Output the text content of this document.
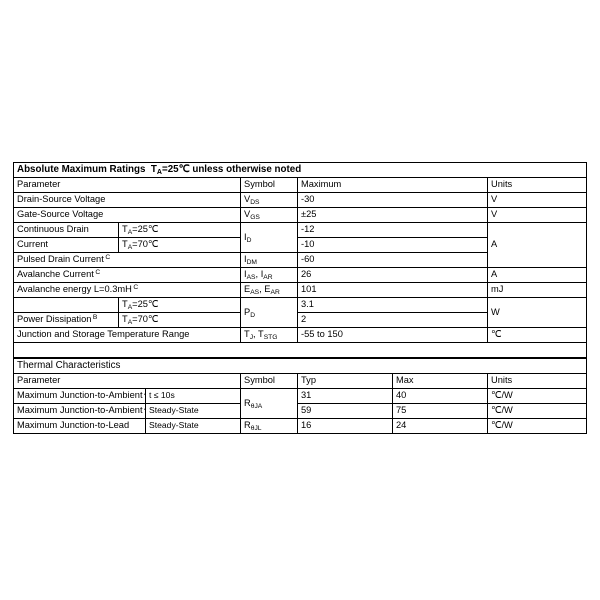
Absolute Maximum Ratings $T_A=25℃$ unless otherwise noted				
Parameter		Symbol	Maximum	Units
Drain-Source Voltage		$V_{DS}$	-30	V
Gate-Source Voltage		$V_{GS}$	±25	V
Continuous Drain	$T_A=25℃$	$I_D$	-12	A
Current	$T_A=70℃$		-10	
Pulsed Drain Current $^C$		$I_{DM}$	-60	
Avalanche Current $^C$		$I_{AS}$, $I_{AR}$	26	A
Avalanche energy L=0.3mH $^C$		$E_{AS}$, $E_{AR}$	101	mJ
	$T_A=25℃$	$P_D$	3.1	W
Power Dissipation $^B$	$T_A=70℃$		2	
Junction and Storage Temperature Range		$T_J$, $T_{STG}$	-55 to 150	℃

Thermal Characteristics					
Parameter		Symbol	Typ	Max	Units
Maximum Junction-to-Ambient	t ≤ 10s	$R_{\theta JA}$	31	40	℃/W
Maximum Junction-to-Ambient	Steady-State		59	75	℃/W
Maximum Junction-to-Lead	Steady-State	$R_{\theta JL}$	16	24	℃/W
